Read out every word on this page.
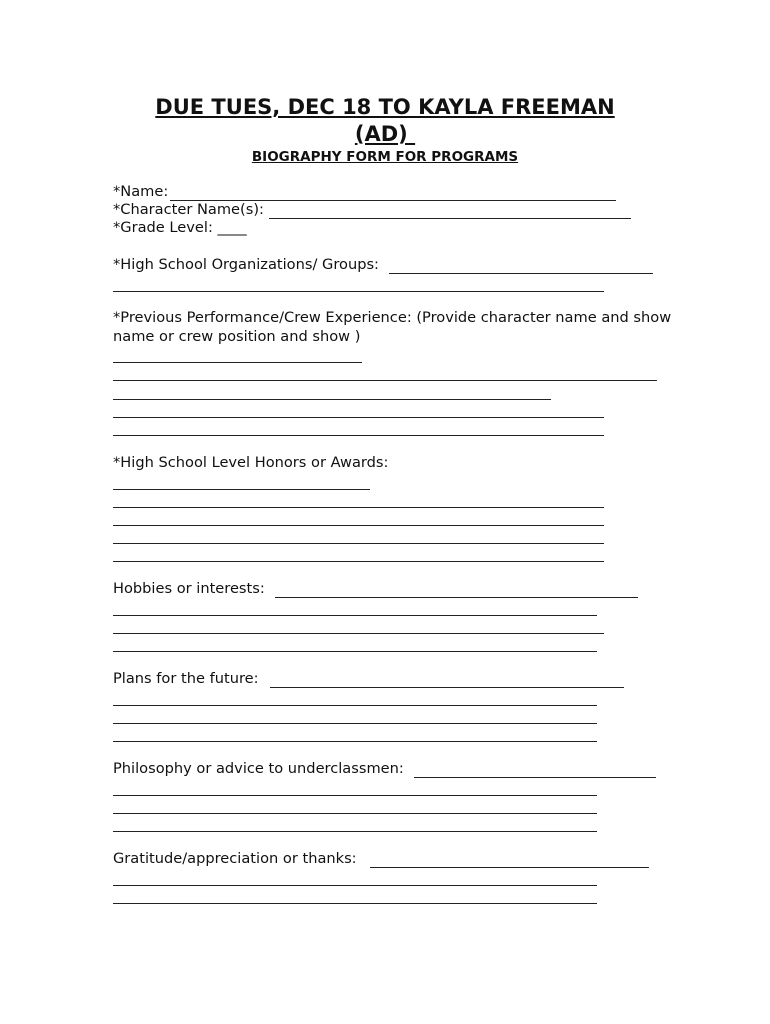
DUE TUES, DEC 18 TO KAYLA FREEMAN
(AD)
BIOGRAPHY FORM FOR PROGRAMS
*Name:
*Character Name(s):
*Grade Level: ____
*High School Organizations/ Groups:
*Previous Performance/Crew Experience: (Provide character name and show name or crew position and show )
*High School Level Honors or Awards:
Hobbies or interests:
Plans for the future:
Philosophy or advice to underclassmen:
Gratitude/appreciation or thanks:
